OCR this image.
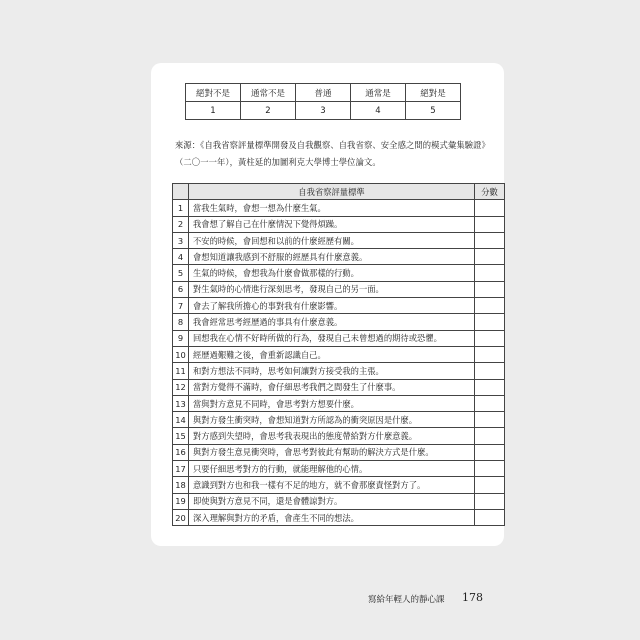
絕對不是	通常不是	普通	通常是	絕對是
1	2	3	4	5
來源：《自我省察評量標準開發及自我觀察、自我省察、安全感之間的模式彙集驗證》（二〇一一年），黃柱延的加圖利克大學博士學位論文。
	自我省察評量標準	分數
1	當我生氣時，會想一想為什麼生氣。	
2	我會想了解自己在什麼情況下覺得煩躁。	
3	不安的時候，會回想和以前的什麼經歷有關。	
4	會想知道讓我感到不舒服的經歷具有什麼意義。	
5	生氣的時候，會想我為什麼會做那樣的行動。	
6	對生氣時的心情進行深刻思考，發現自己的另一面。	
7	會去了解我所擔心的事對我有什麼影響。	
8	我會經常思考經歷過的事具有什麼意義。	
9	回想我在心情不好時所做的行為，發現自己未曾想過的期待或恐懼。	
10	經歷過艱難之後，會重新認識自己。	
11	和對方想法不同時，思考如何讓對方接受我的主張。	
12	當對方覺得不滿時，會仔細思考我們之間發生了什麼事。	
13	當與對方意見不同時，會思考對方想要什麼。	
14	與對方發生衝突時，會想知道對方所認為的衝突原因是什麼。	
15	對方感到失望時，會思考我表現出的態度帶給對方什麼意義。	
16	與對方發生意見衝突時，會思考對彼此有幫助的解決方式是什麼。	
17	只要仔細思考對方的行動，就能理解他的心情。	
18	意識到對方也和我一樣有不足的地方，就不會那麼責怪對方了。	
19	即使與對方意見不同，還是會體諒對方。	
20	深入理解與對方的矛盾，會產生不同的想法。	
寫給年輕人的靜心課 178
